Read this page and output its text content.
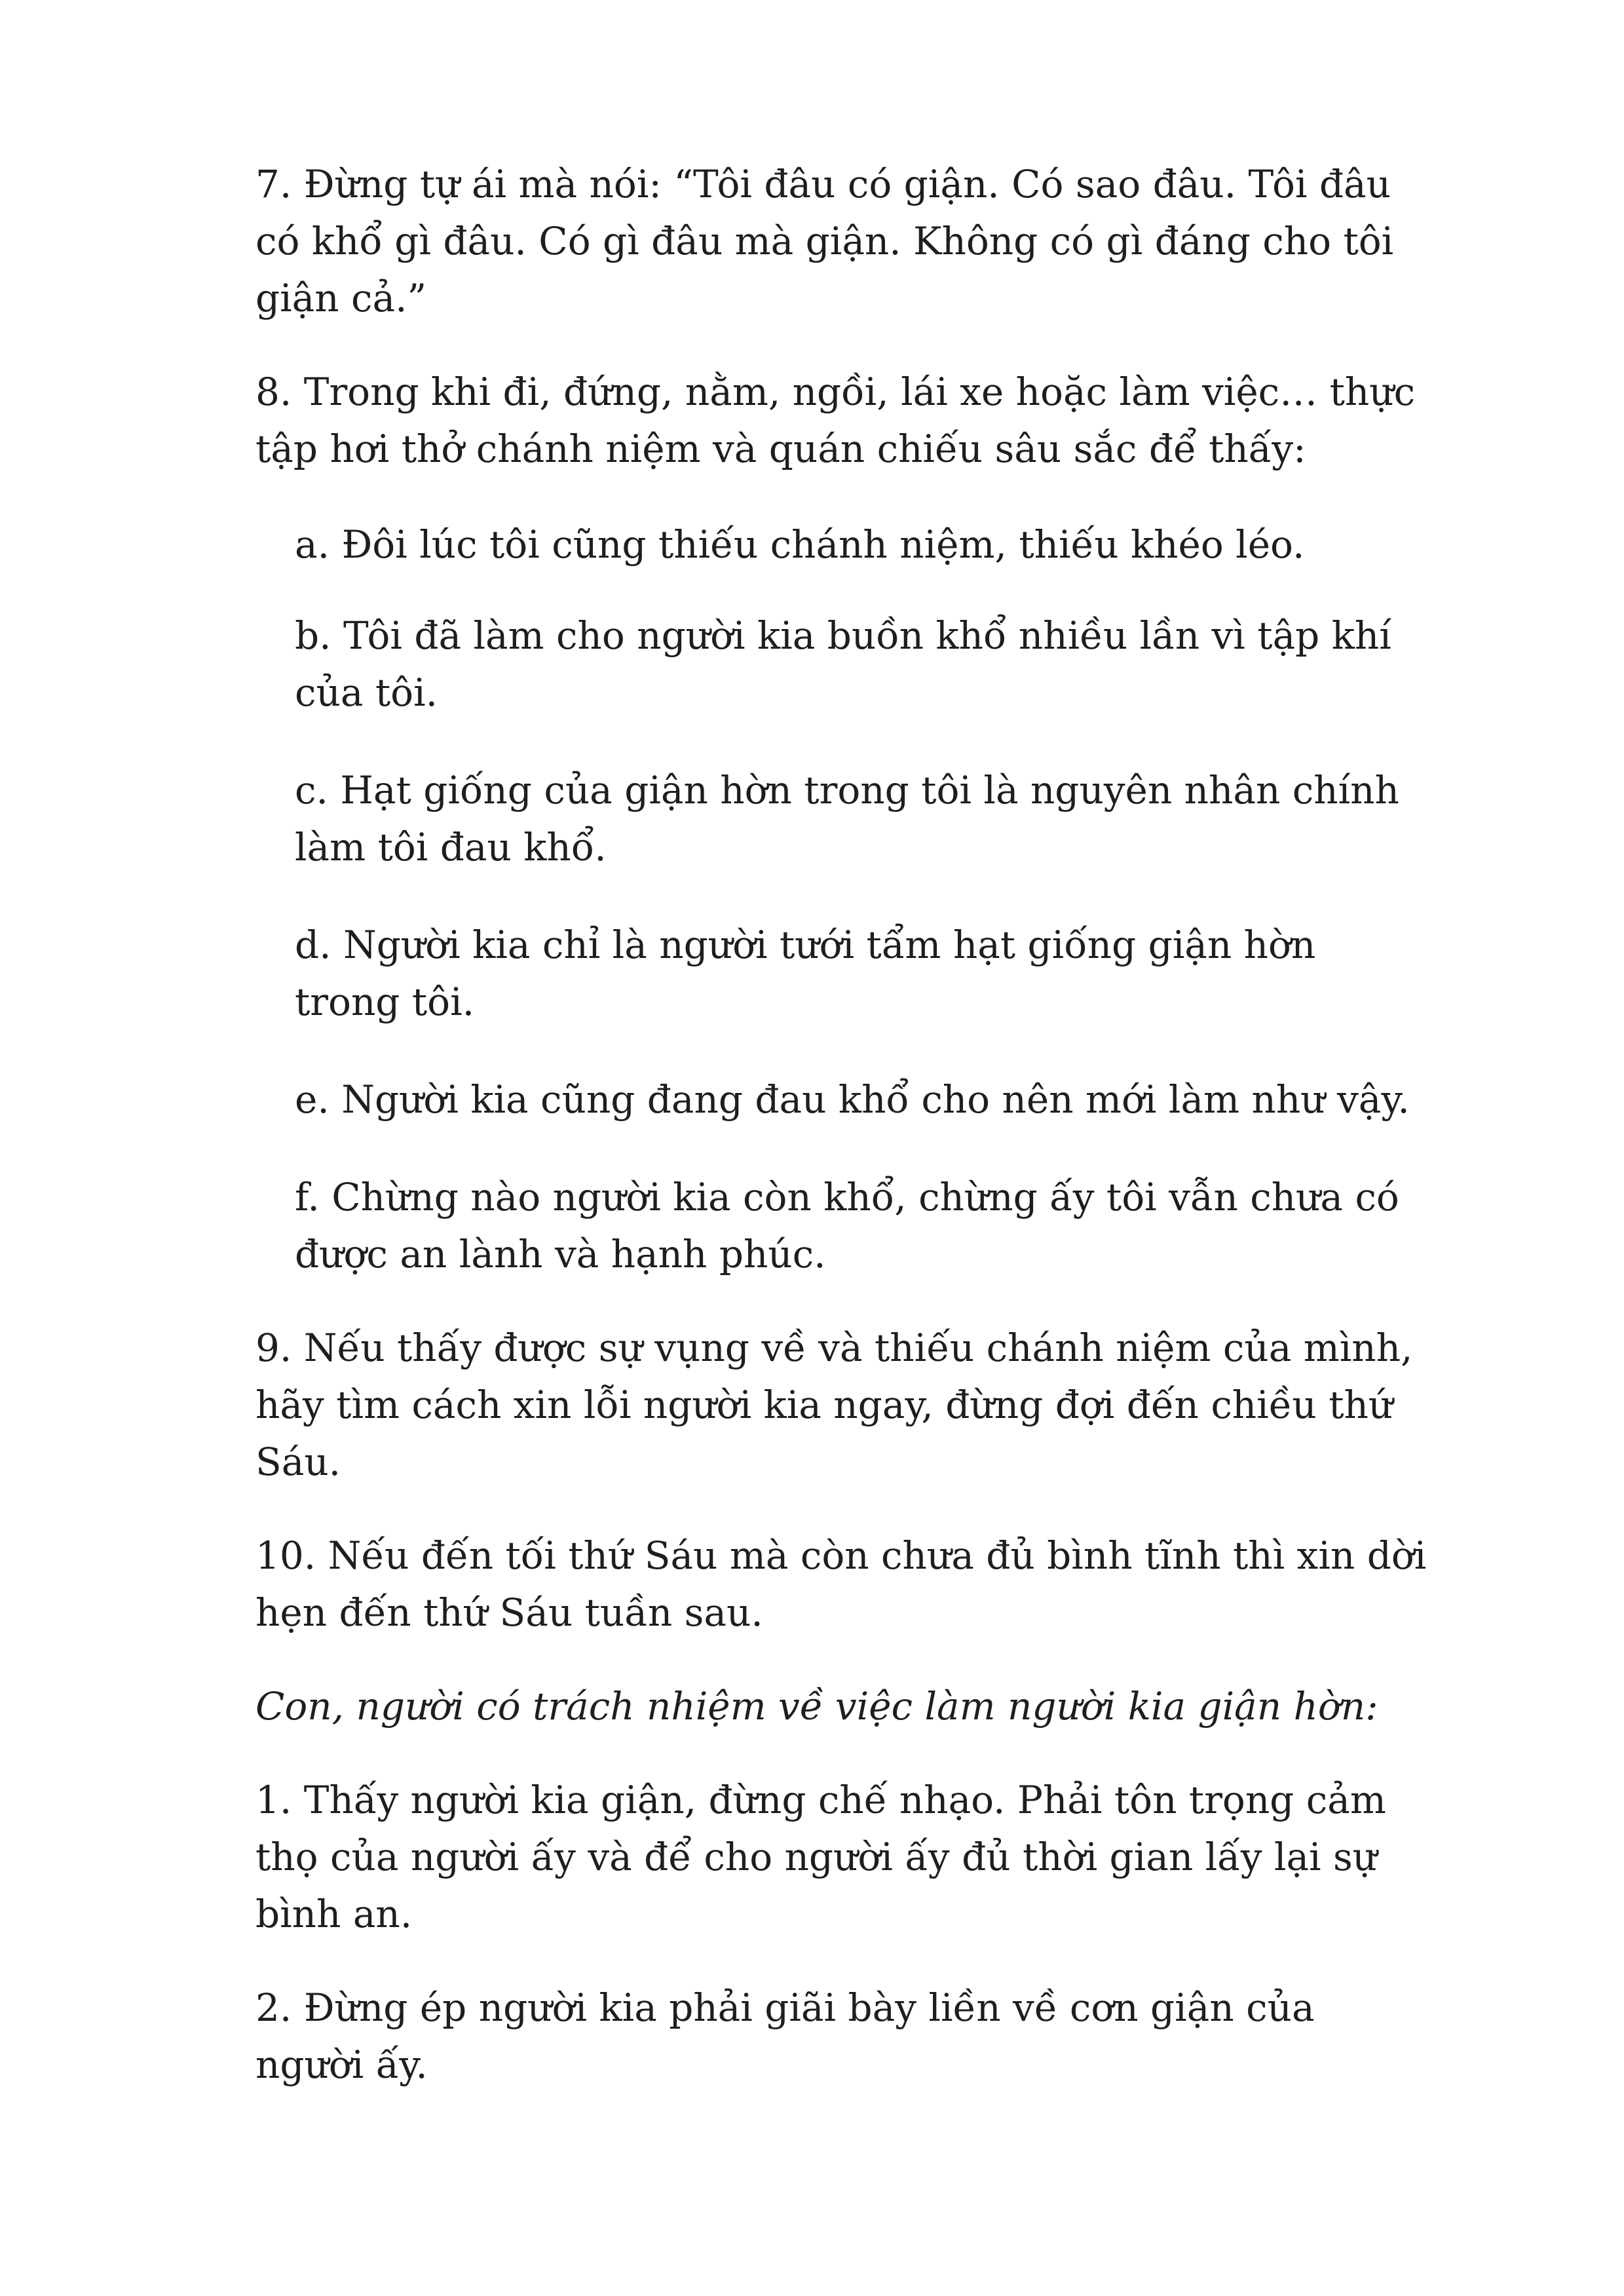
7. Đừng tự ái mà nói: “Tôi đâu có giận. Có sao đâu. Tôi đâu có khổ gì đâu. Có gì đâu mà giận. Không có gì đáng cho tôi giận cả.”

8. Trong khi đi, đứng, nằm, ngồi, lái xe hoặc làm việc… thực tập hơi thở chánh niệm và quán chiếu sâu sắc để thấy:

a. Đôi lúc tôi cũng thiếu chánh niệm, thiếu khéo léo.

b. Tôi đã làm cho người kia buồn khổ nhiều lần vì tập khí của tôi.

c. Hạt giống của giận hờn trong tôi là nguyên nhân chính làm tôi đau khổ.

d. Người kia chỉ là người tưới tẩm hạt giống giận hờn trong tôi.

e. Người kia cũng đang đau khổ cho nên mới làm như vậy.

f. Chừng nào người kia còn khổ, chừng ấy tôi vẫn chưa có được an lành và hạnh phúc.

9. Nếu thấy được sự vụng về và thiếu chánh niệm của mình, hãy tìm cách xin lỗi người kia ngay, đừng đợi đến chiều thứ Sáu.

10. Nếu đến tối thứ Sáu mà còn chưa đủ bình tĩnh thì xin dời hẹn đến thứ Sáu tuần sau.

Con, người có trách nhiệm về việc làm người kia giận hờn:

1. Thấy người kia giận, đừng chế nhạo. Phải tôn trọng cảm thọ của người ấy và để cho người ấy đủ thời gian lấy lại sự bình an.

2. Đừng ép người kia phải giãi bày liền về cơn giận của người ấy.
